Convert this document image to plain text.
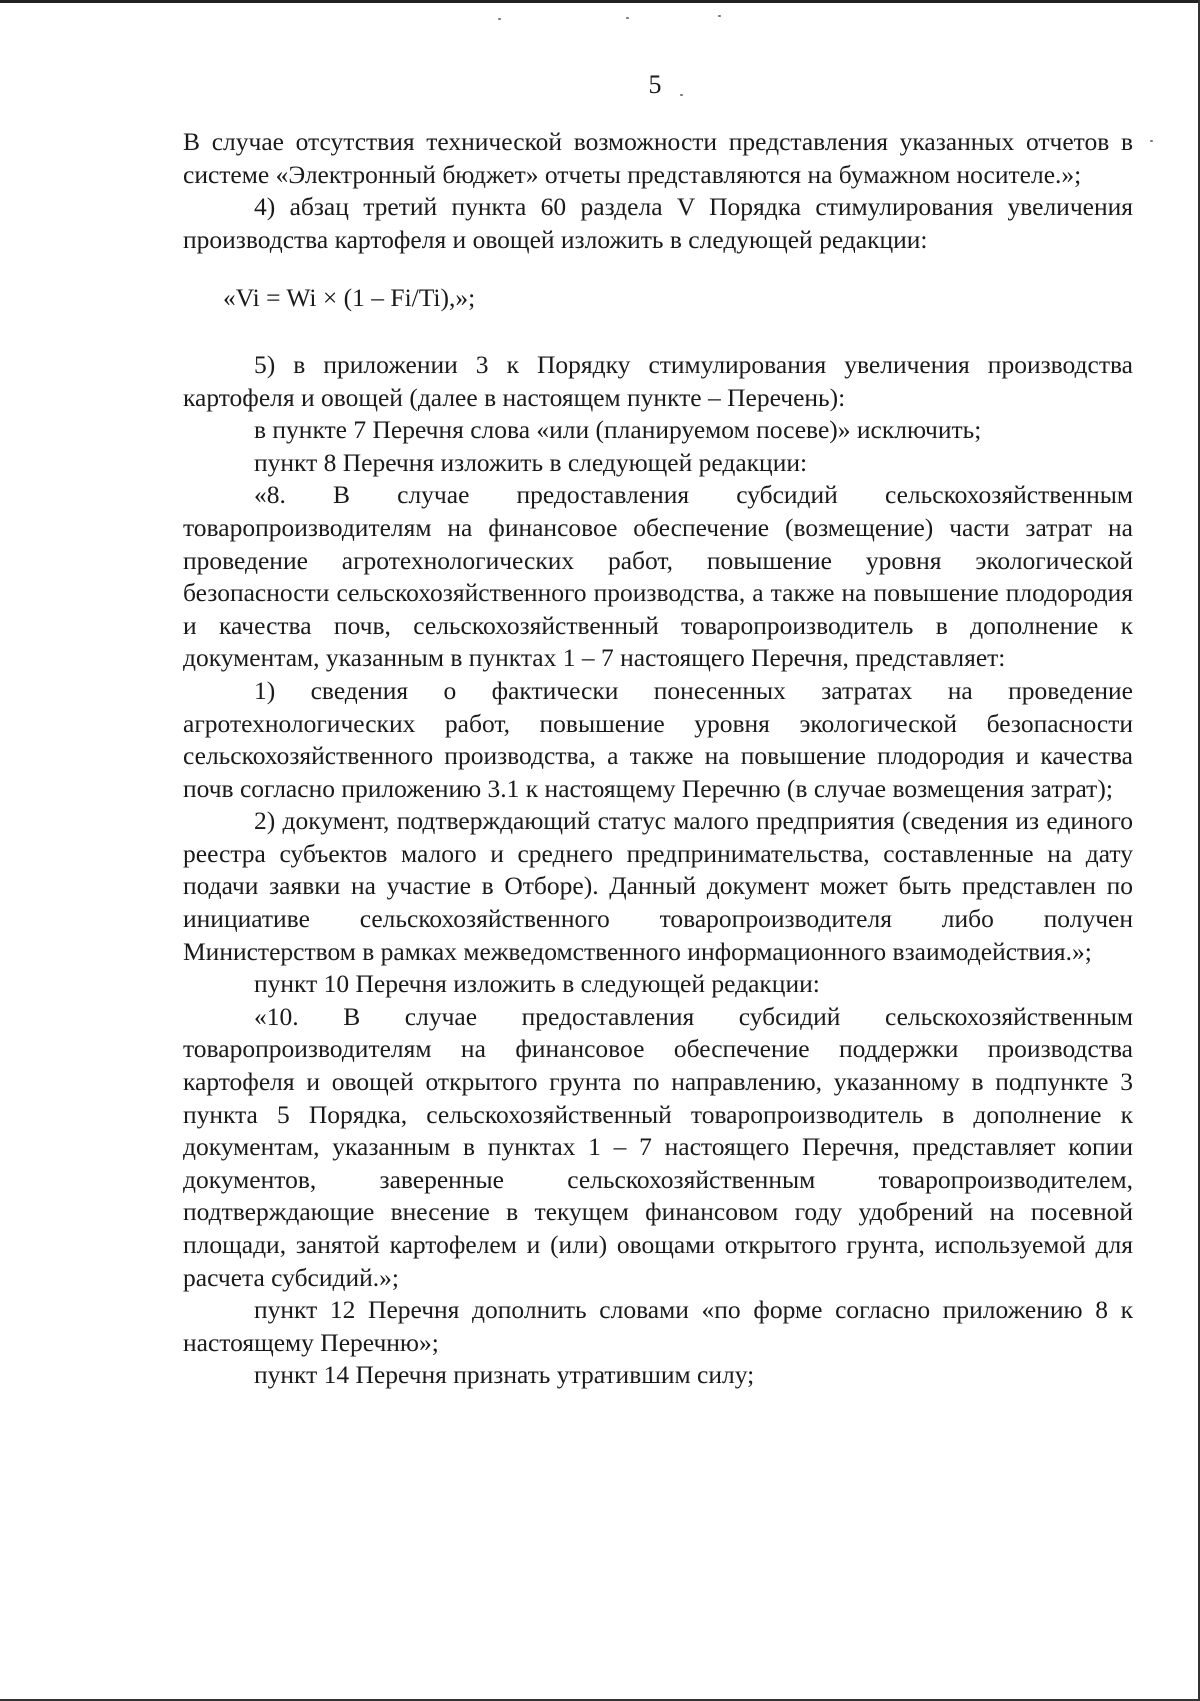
5

В случае отсутствия технической возможности представления указанных отчетов в системе «Электронный бюджет» отчеты представляются на бумажном носителе.»;

4) абзац третий пункта 60 раздела V Порядка стимулирования увеличения производства картофеля и овощей изложить в следующей редакции:

«Vi = Wi × (1 – Fi/Ti),»;

5) в приложении 3 к Порядку стимулирования увеличения производства картофеля и овощей (далее в настоящем пункте – Перечень):

в пункте 7 Перечня слова «или (планируемом посеве)» исключить;

пункт 8 Перечня изложить в следующей редакции:

«8. В случае предоставления субсидий сельскохозяйственным товаропроизводителям на финансовое обеспечение (возмещение) части затрат на проведение агротехнологических работ, повышение уровня экологической безопасности сельскохозяйственного производства, а также на повышение плодородия и качества почв, сельскохозяйственный товаропроизводитель в дополнение к документам, указанным в пунктах 1 – 7 настоящего Перечня, представляет:

1) сведения о фактически понесенных затратах на проведение агротехнологических работ, повышение уровня экологической безопасности сельскохозяйственного производства, а также на повышение плодородия и качества почв согласно приложению 3.1 к настоящему Перечню (в случае возмещения затрат);

2) документ, подтверждающий статус малого предприятия (сведения из единого реестра субъектов малого и среднего предпринимательства, составленные на дату подачи заявки на участие в Отборе). Данный документ может быть представлен по инициативе сельскохозяйственного товаропроизводителя либо получен Министерством в рамках межведомственного информационного взаимодействия.»;

пункт 10 Перечня изложить в следующей редакции:

«10. В случае предоставления субсидий сельскохозяйственным товаропроизводителям на финансовое обеспечение поддержки производства картофеля и овощей открытого грунта по направлению, указанному в подпункте 3 пункта 5 Порядка, сельскохозяйственный товаропроизводитель в дополнение к документам, указанным в пунктах 1 – 7 настоящего Перечня, представляет копии документов, заверенные сельскохозяйственным товаропроизводителем, подтверждающие внесение в текущем финансовом году удобрений на посевной площади, занятой картофелем и (или) овощами открытого грунта, используемой для расчета субсидий.»;

пункт 12 Перечня дополнить словами «по форме согласно приложению 8 к настоящему Перечню»;

пункт 14 Перечня признать утратившим силу;
